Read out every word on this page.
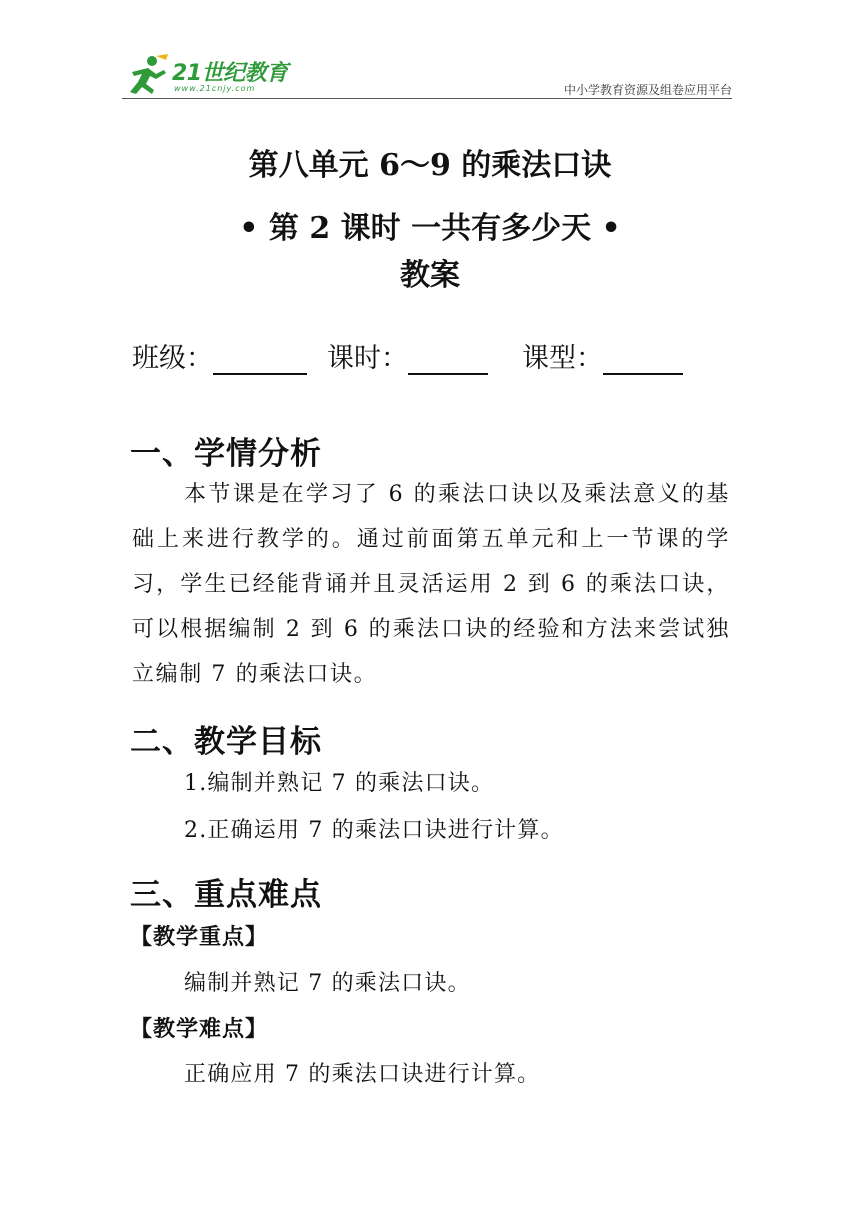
21世纪教育
www.21cnjy.com	中小学教育资源及组卷应用平台
第八单元 6～9 的乘法口诀
• 第 2 课时 一共有多少天 •
教案
班级：	课时：	课型：
一、学情分析
本节课是在学习了 6 的乘法口诀以及乘法意义的基础上来进行教学的。通过前面第五单元和上一节课的学习，学生已经能背诵并且灵活运用 2 到 6 的乘法口诀，可以根据编制 2 到 6 的乘法口诀的经验和方法来尝试独立编制 7 的乘法口诀。
二、教学目标
1.编制并熟记 7 的乘法口诀。
2.正确运用 7 的乘法口诀进行计算。
三、重点难点
【教学重点】
编制并熟记 7 的乘法口诀。
【教学难点】
正确应用 7 的乘法口诀进行计算。
